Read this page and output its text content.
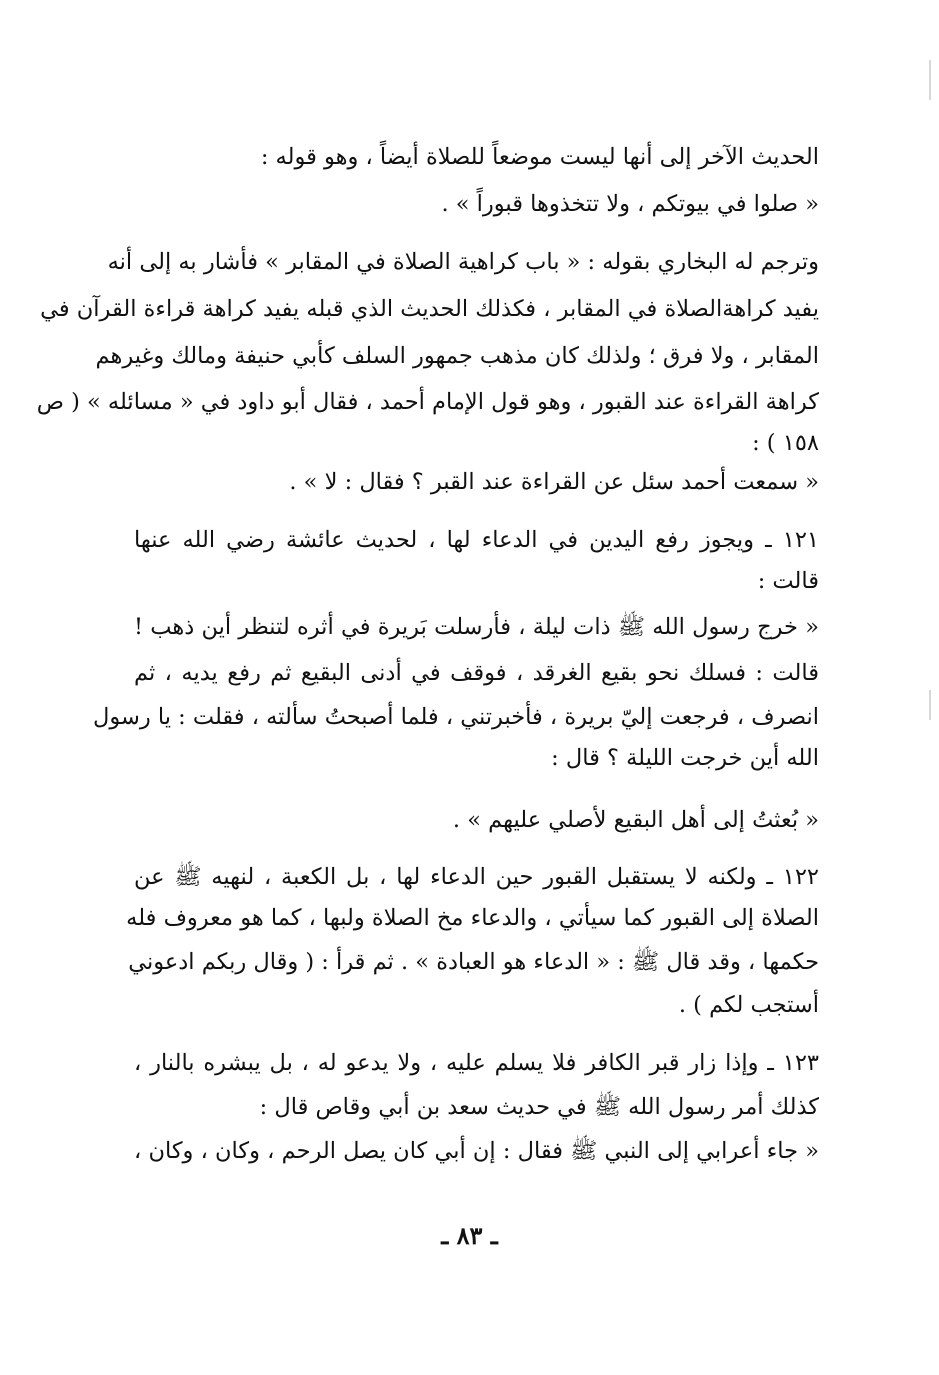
الحديث الآخر إلى أنها ليست موضعاً للصلاة أيضاً ، وهو قوله :
« صلوا في بيوتكم ، ولا تتخذوها قبوراً » .
وترجم له البخاري بقوله : « باب كراهية الصلاة في المقابر » فأشار به إلى أنه
يفيد كراهةالصلاة في المقابر ، فكذلك الحديث الذي قبله يفيد كراهة قراءة القرآن في
المقابر ، ولا فرق ؛ ولذلك كان مذهب جمهور السلف كأبي حنيفة ومالك وغيرهم
كراهة القراءة عند القبور ، وهو قول الإمام أحمد ، فقال أبو داود في « مسائله » ( ص
١٥٨ ) :
« سمعت أحمد سئل عن القراءة عند القبر ؟ فقال : لا » .
١٢١ ـ ويجوز رفع اليدين في الدعاء لها ، لحديث عائشة رضي الله عنها
قالت :
« خرج رسول الله ﷺ ذات ليلة ، فأرسلت بَريرة في أثره لتنظر أين ذهب !
قالت : فسلك نحو بقيع الغرقد ، فوقف في أدنى البقيع ثم رفع يديه ، ثم
انصرف ، فرجعت إليّ بريرة ، فأخبرتني ، فلما أصبحتُ سألته ، فقلت : يا رسول
الله أين خرجت الليلة ؟ قال :
« بُعثتُ إلى أهل البقيع لأصلي عليهم » .
١٢٢ ـ ولكنه لا يستقبل القبور حين الدعاء لها ، بل الكعبة ، لنهيه ﷺ عن
الصلاة إلى القبور كما سيأتي ، والدعاء مخ الصلاة ولبها ، كما هو معروف فله
حكمها ، وقد قال ﷺ : « الدعاء هو العبادة » . ثم قرأ : ( وقال ربكم ادعوني
أستجب لكم ) .
١٢٣ ـ وإذا زار قبر الكافر فلا يسلم عليه ، ولا يدعو له ، بل يبشره بالنار ،
كذلك أمر رسول الله ﷺ في حديث سعد بن أبي وقاص قال :
« جاء أعرابي إلى النبي ﷺ فقال : إن أبي كان يصل الرحم ، وكان ، وكان ،
ـ ٨٣ ـ
